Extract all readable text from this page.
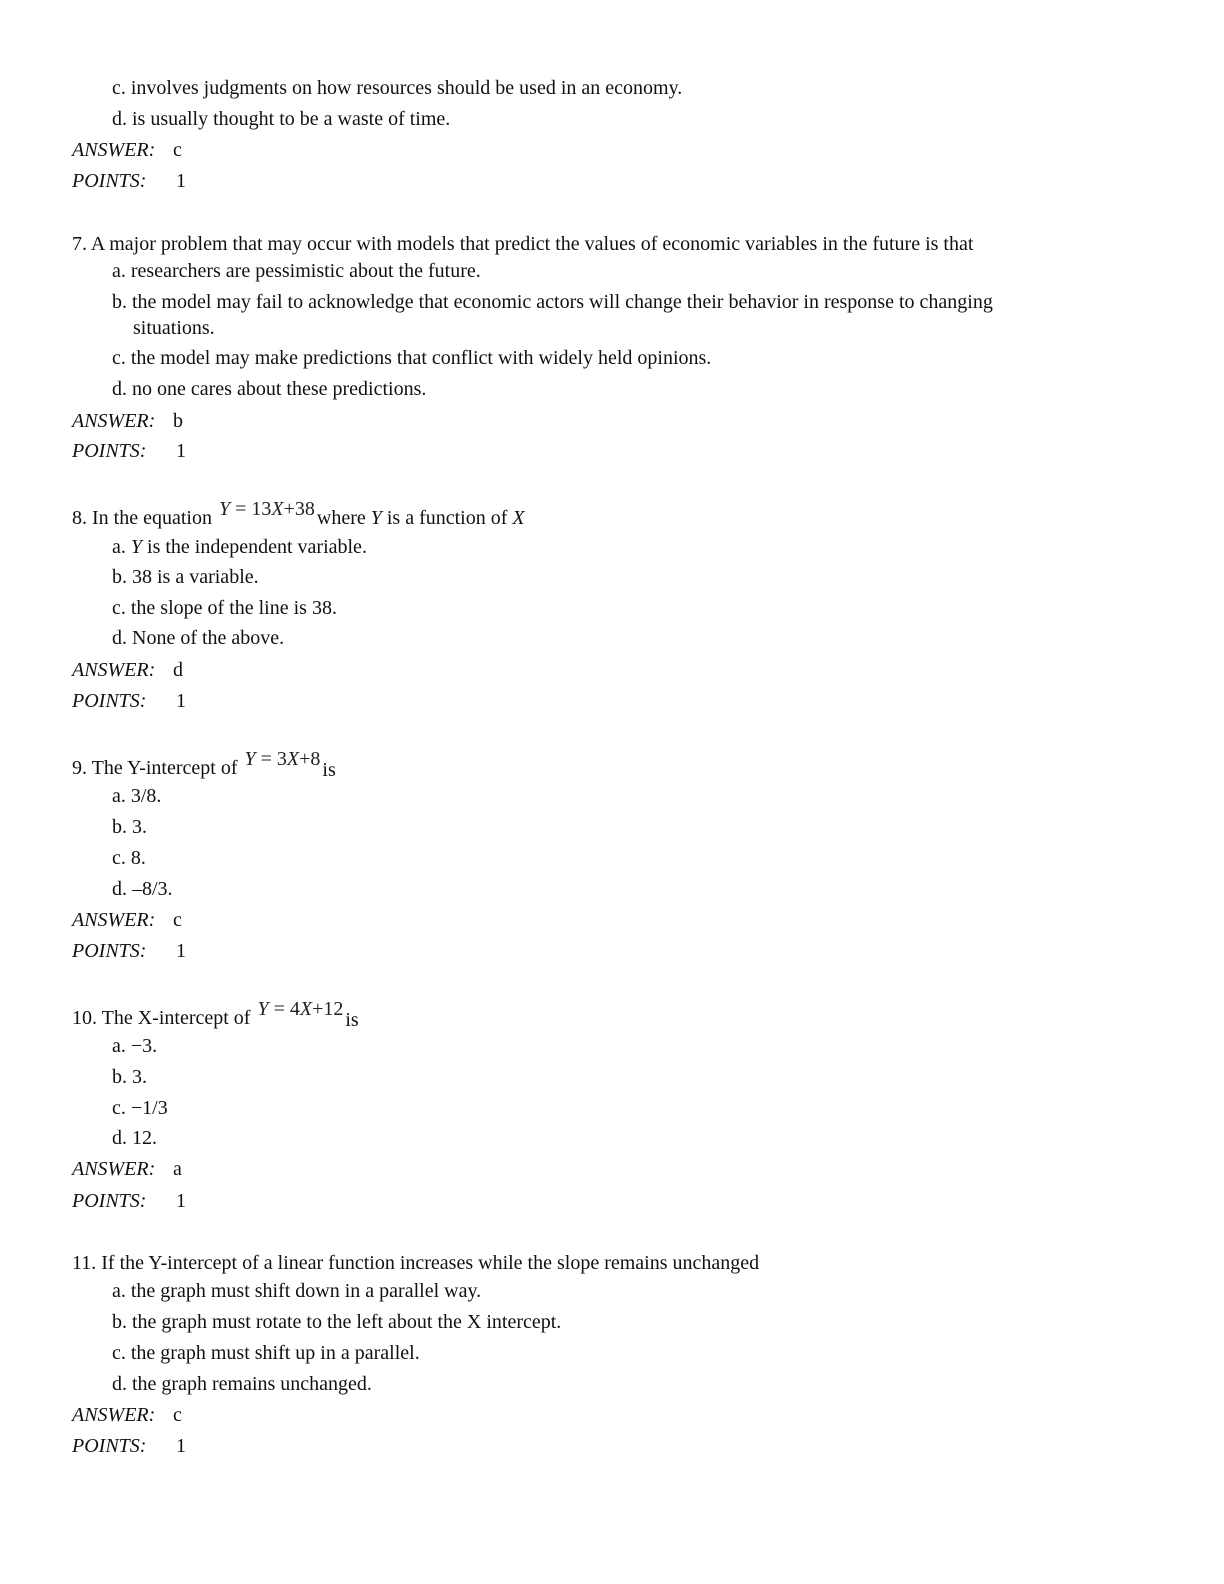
c. involves judgments on how resources should be used in an economy.
d. is usually thought to be a waste of time.
ANSWER: c
POINTS: 1
7. A major problem that may occur with models that predict the values of economic variables in the future is that
a. researchers are pessimistic about the future.
b. the model may fail to acknowledge that economic actors will change their behavior in response to changing
situations.
c. the model may make predictions that conflict with widely held opinions.
d. no one cares about these predictions.
ANSWER: b
POINTS: 1
8. In the equation Y = 13X+38 where Y is a function of X
a. Y is the independent variable.
b. 38 is a variable.
c. the slope of the line is 38.
d. None of the above.
ANSWER: d
POINTS: 1
9. The Y-intercept of Y = 3X+8 is
a. 3/8.
b. 3.
c. 8.
d. –8/3.
ANSWER: c
POINTS: 1
10. The X-intercept of Y = 4X+12 is
a. −3.
b. 3.
c. −1/3
d. 12.
ANSWER: a
POINTS: 1
11. If the Y-intercept of a linear function increases while the slope remains unchanged
a. the graph must shift down in a parallel way.
b. the graph must rotate to the left about the X intercept.
c. the graph must shift up in a parallel.
d. the graph remains unchanged.
ANSWER: c
POINTS: 1
